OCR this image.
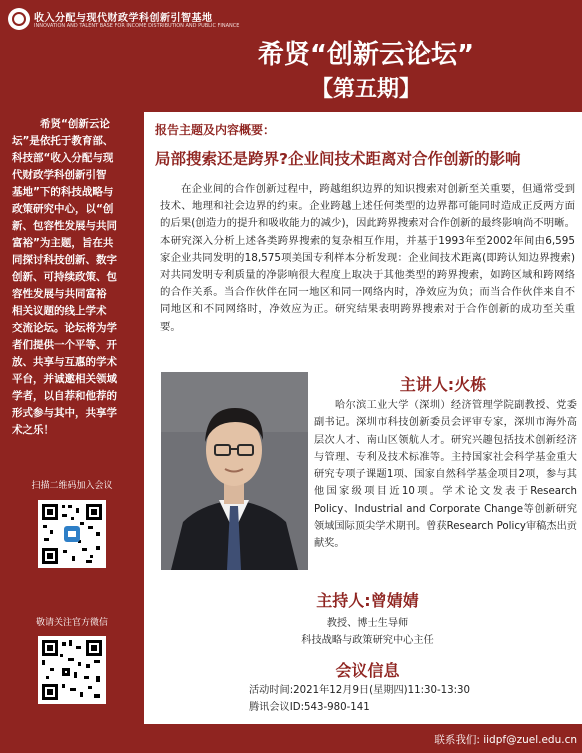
收入分配与现代财政学科创新引智基地
INNOVATION AND TALENT BASE FOR INCOME DISTRIBUTION AND PUBLIC FINANCE
希贤“创新云论坛”
【第五期】
希贤“创新云论
坛”是依托于教育部、
科技部“收入分配与现
代财政学科创新引智
基地”下的科技战略与
政策研究中心，以“创
新、包容性发展与共同
富裕”为主题，旨在共
同探讨科技创新、数字
创新、可持续政策、包
容性发展与共同富裕
相关议题的线上学术
交流论坛。论坛将为学
者们提供一个平等、开
放、共享与互惠的学术
平台，并诚邀相关领域
学者，以自荐和他荐的
形式参与其中，共享学
术之乐！
扫描二维码加入会议
敬请关注官方微信
报告主题及内容概要：
局部搜索还是跨界?企业间技术距离对合作创新的影响
在企业间的合作创新过程中，跨越组织边界的知识搜索对创新至关重要，但通常受到技术、地理和社会边界的约束。企业跨越上述任何类型的边界都可能同时造成正反两方面的后果(创造力的提升和吸收能力的减少)，因此跨界搜索对合作创新的最终影响尚不明晰。本研究深入分析上述各类跨界搜索的复杂相互作用，并基于1993年至2002年间由6,595家企业共同发明的18,575项美国专利样本分析发现：企业间技术距离(即跨认知边界搜索)对共同发明专利质量的净影响很大程度上取决于其他类型的跨界搜索，如跨区域和跨网络的合作关系。当合作伙伴在同一地区和同一网络内时，净效应为负；而当合作伙伴来自不同地区和不同网络时，净效应为正。研究结果表明跨界搜索对于合作创新的成功至关重要。
主讲人:火栋
哈尔滨工业大学（深圳）经济管理学院副教授、党委副书记。深圳市科技创新委员会评审专家，深圳市海外高层次人才、南山区领航人才。研究兴趣包括技术创新经济与管理、专利及技术标准等。主持国家社会科学基金重大研究专项子课题1项、国家自然科学基金项目2项，参与其他国家级项目近10项。学术论文发表于Research Policy、Industrial and Corporate Change等创新研究领域国际顶尖学术期刊。曾获Research Policy审稿杰出贡献奖。
主持人:曾婧婧
教授、博士生导师
科技战略与政策研究中心主任
会议信息
活动时间:2021年12月9日(星期四)11:30-13:30
腾讯会议ID:543-980-141
联系我们: iidpf@zuel.edu.cn
